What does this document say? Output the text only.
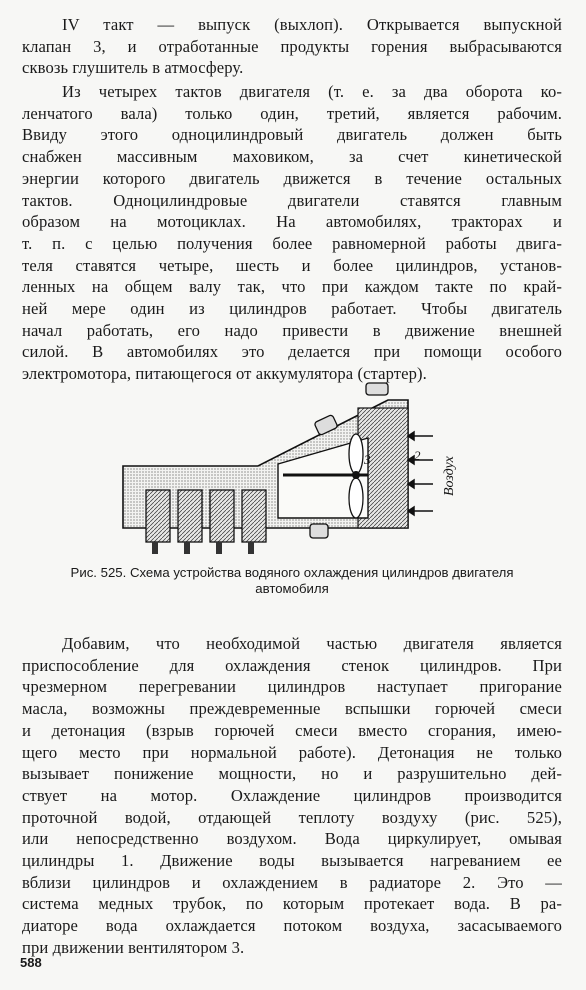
IV такт — выпуск (выхлоп). Открывается выпускной
клапан 3, и отработанные продукты горения выбрасываются
сквозь глушитель в атмосферу.
Из четырех тактов двигателя (т. е. за два оборота ко-
ленчатого вала) только один, третий, является рабочим.
Ввиду этого одноцилиндровый двигатель должен быть
снабжен массивным маховиком, за счет кинетической
энергии которого двигатель движется в течение остальных
тактов. Одноцилиндровые двигатели ставятся главным
образом на мотоциклах. На автомобилях, тракторах и
т. п. с целью получения более равномерной работы двига-
теля ставятся четыре, шесть и более цилиндров, установ-
ленных на общем валу так, что при каждом такте по край-
ней мере один из цилиндров работает. Чтобы двигатель
начал работать, его надо привести в движение внешней
силой. В автомобилях это делается при помощи особого
электромотора, питающегося от аккумулятора (стартер).
3	2
Воздух
Рис. 525. Схема устройства водяного охлаждения цилиндров двигателя
автомобиля
Добавим, что необходимой частью двигателя является
приспособление для охлаждения стенок цилиндров. При
чрезмерном перегревании цилиндров наступает пригорание
масла, возможны преждевременные вспышки горючей смеси
и детонация (взрыв горючей смеси вместо сгорания, имею-
щего место при нормальной работе). Детонация не только
вызывает понижение мощности, но и разрушительно дей-
ствует на мотор. Охлаждение цилиндров производится
проточной водой, отдающей теплоту воздуху (рис. 525),
или непосредственно воздухом. Вода циркулирует, омывая
цилиндры 1. Движение воды вызывается нагреванием ее
вблизи цилиндров и охлаждением в радиаторе 2. Это —
система медных трубок, по которым протекает вода. В ра-
диаторе вода охлаждается потоком воздуха, засасываемого
при движении вентилятором 3.
588
